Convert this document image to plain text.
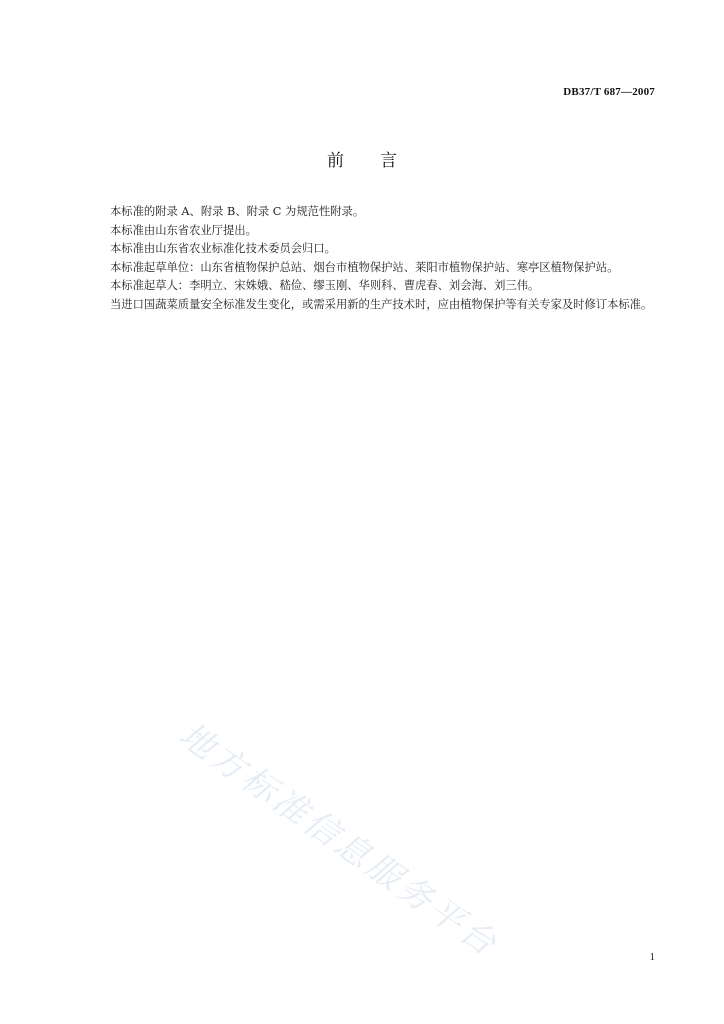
DB37/T 687—2007
前 言

本标准的附录 A、附录 B、附录 C 为规范性附录。

本标准由山东省农业厅提出。

本标准由山东省农业标准化技术委员会归口。

本标准起草单位：山东省植物保护总站、烟台市植物保护站、莱阳市植物保护站、寒亭区植物保护站。

本标准起草人：李明立、宋姝娥、嵇俭、缪玉刚、华则科、曹虎春、刘会海、刘三伟。

当进口国蔬菜质量安全标准发生变化，或需采用新的生产技术时，应由植物保护等有关专家及时修订本标准。

地方标准信息服务平台	1
